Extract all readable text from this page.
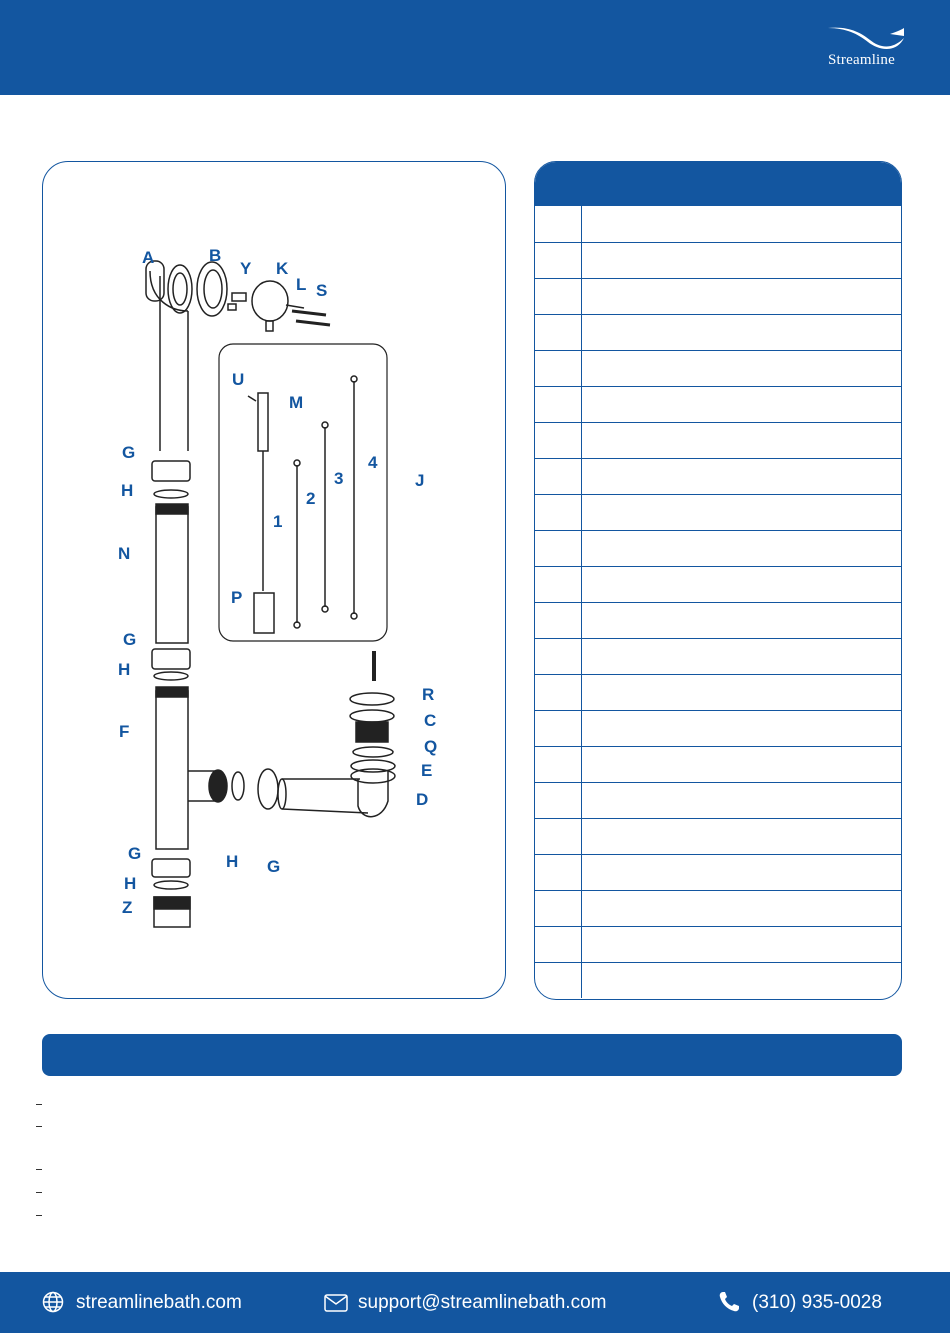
Streamline
A	B
Y K
L S
U
M
G
H
3
4
J
2
1
N
P
G
H
R
C
Q
F
E
D
G
H
H G
Z
streamlinebath.com	support@streamlinebath.com	(310) 935-0028
